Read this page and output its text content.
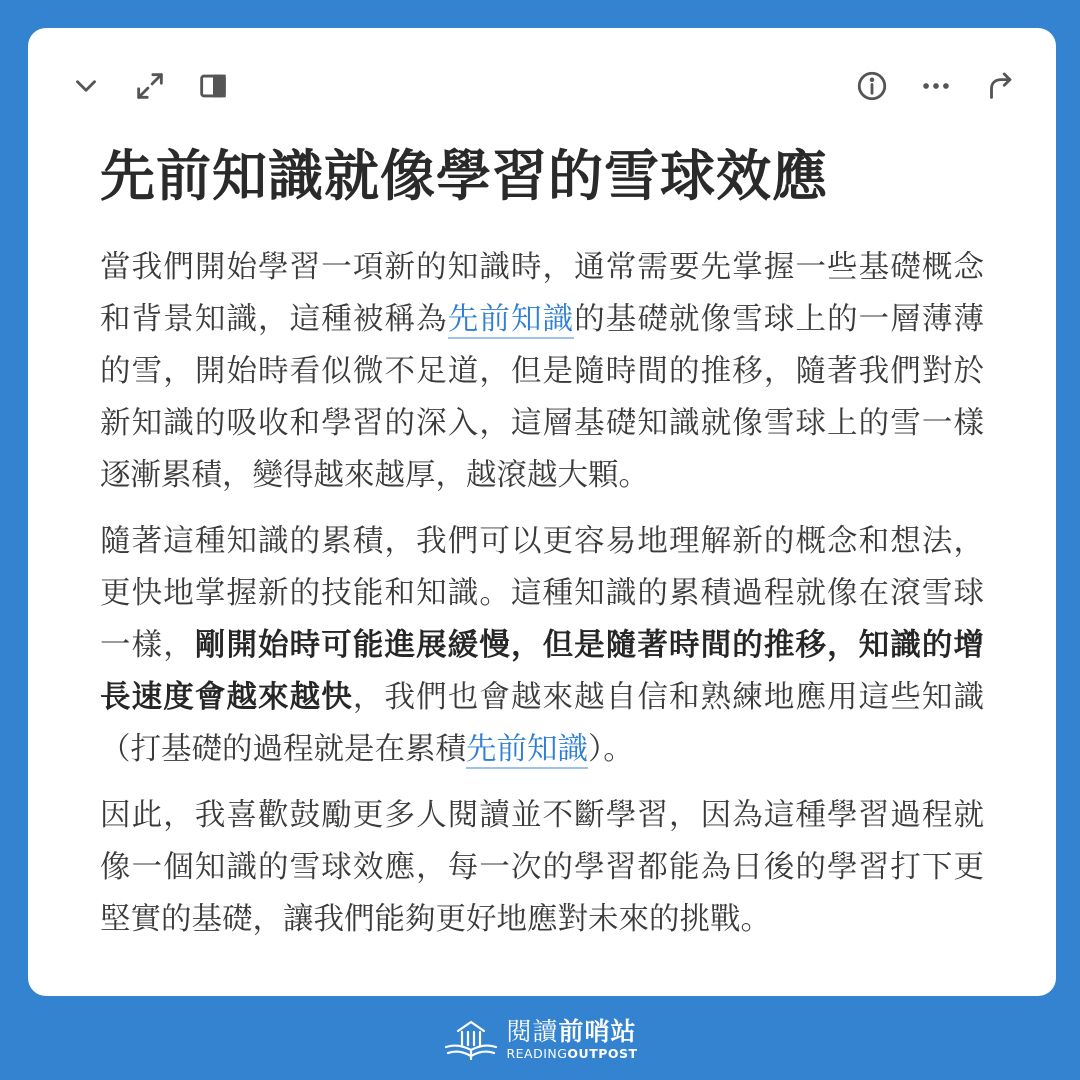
先前知識就像學習的雪球效應

當我們開始學習一項新的知識時，通常需要先掌握一些基礎概念和背景知識，這種被稱為先前知識的基礎就像雪球上的一層薄薄的雪，開始時看似微不足道，但是隨時間的推移，隨著我們對於新知識的吸收和學習的深入，這層基礎知識就像雪球上的雪一樣逐漸累積，變得越來越厚，越滾越大顆。

隨著這種知識的累積，我們可以更容易地理解新的概念和想法，更快地掌握新的技能和知識。這種知識的累積過程就像在滾雪球一樣，剛開始時可能進展緩慢，但是隨著時間的推移，知識的增長速度會越來越快，我們也會越來越自信和熟練地應用這些知識（打基礎的過程就是在累積先前知識）。

因此，我喜歡鼓勵更多人閱讀並不斷學習，因為這種學習過程就像一個知識的雪球效應，每一次的學習都能為日後的學習打下更堅實的基礎，讓我們能夠更好地應對未來的挑戰。

閱讀前哨站
READINGOUTPOST
